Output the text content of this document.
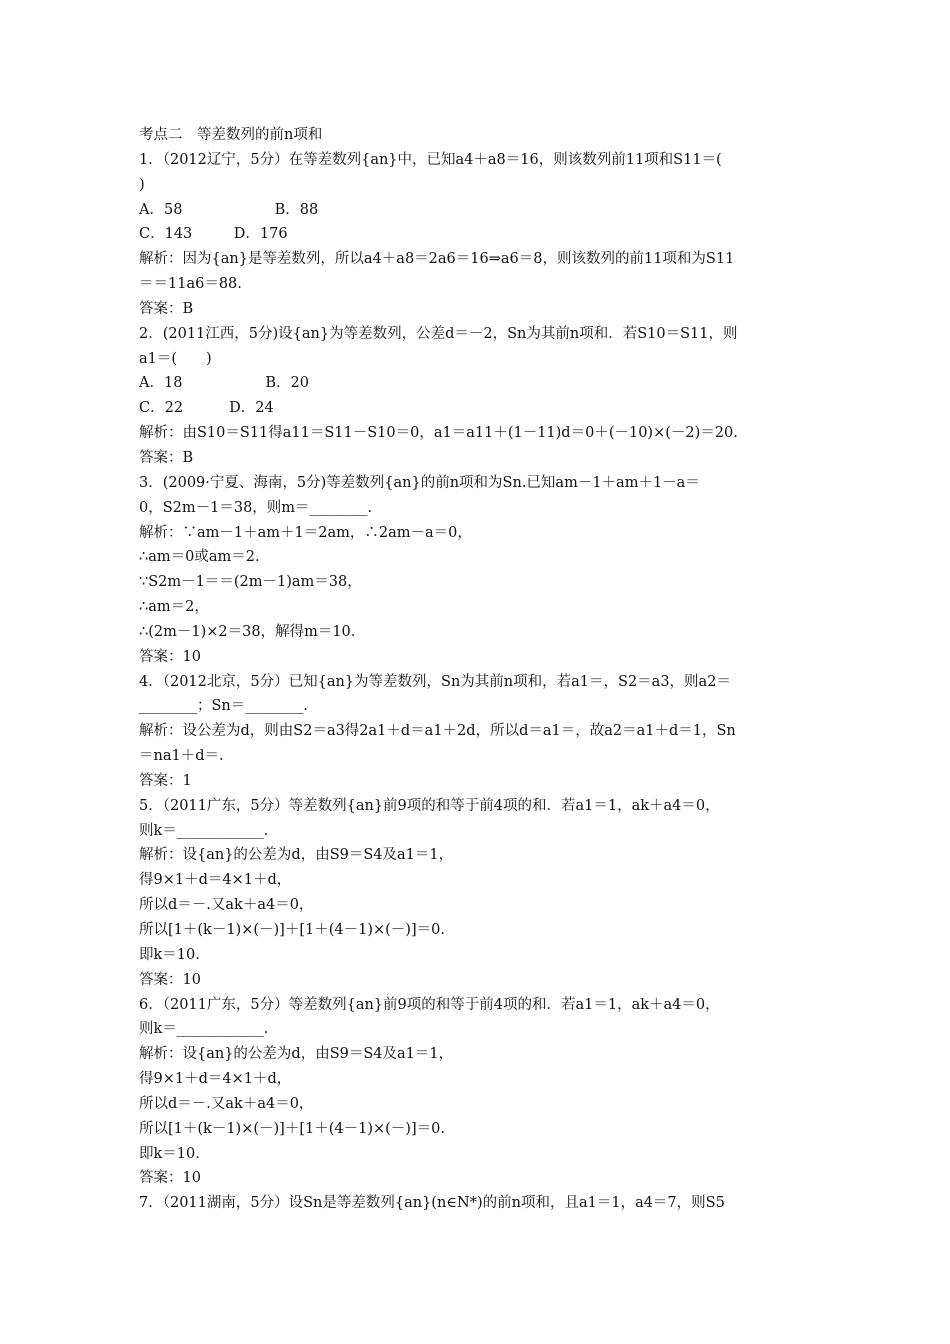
考点二　等差数列的前n项和
1．（2012辽宁，5分）在等差数列{an}中，已知a4＋a8＝16，则该数列前11项和S11＝(
)
A．58                    B．88
C．143         D．176
解析：因为{an}是等差数列，所以a4＋a8＝2a6＝16⇒a6＝8，则该数列的前11项和为S11
＝＝11a6＝88.
答案：B
2．(2011江西，5分)设{an}为等差数列，公差d＝－2，Sn为其前n项和．若S10＝S11，则
a1＝(　　)
A．18                  B．20
C．22          D．24
解析：由S10＝S11得a11＝S11－S10＝0，a1＝a11＋(1－11)d＝0＋(－10)×(－2)＝20.
答案：B
3．(2009·宁夏、海南，5分)等差数列{an}的前n项和为Sn.已知am－1＋am＋1－a＝
0，S2m－1＝38，则m＝________.
解析：∵am－1＋am＋1＝2am，∴2am－a＝0，
∴am＝0或am＝2.
∵S2m－1＝＝(2m－1)am＝38，
∴am＝2，
∴(2m－1)×2＝38，解得m＝10.
答案：10
4．（2012北京，5分）已知{an}为等差数列，Sn为其前n项和，若a1＝，S2＝a3，则a2＝
________；Sn＝________.
解析：设公差为d，则由S2＝a3得2a1＋d＝a1＋2d，所以d＝a1＝，故a2＝a1＋d＝1，Sn
＝na1＋d＝.
答案：1
5．（2011广东，5分）等差数列{an}前9项的和等于前4项的和．若a1＝1，ak＋a4＝0，
则k＝____________.
解析：设{an}的公差为d，由S9＝S4及a1＝1，
得9×1＋d＝4×1＋d，
所以d＝－.又ak＋a4＝0，
所以[1＋(k－1)×(－)]＋[1＋(4－1)×(－)]＝0.
即k＝10.
答案：10
6．（2011广东，5分）等差数列{an}前9项的和等于前4项的和．若a1＝1，ak＋a4＝0，
则k＝____________.
解析：设{an}的公差为d，由S9＝S4及a1＝1，
得9×1＋d＝4×1＋d，
所以d＝－.又ak＋a4＝0，
所以[1＋(k－1)×(－)]＋[1＋(4－1)×(－)]＝0.
即k＝10.
答案：10
7．（2011湖南，5分）设Sn是等差数列{an}(n∈N*)的前n项和，且a1＝1，a4＝7，则S5
